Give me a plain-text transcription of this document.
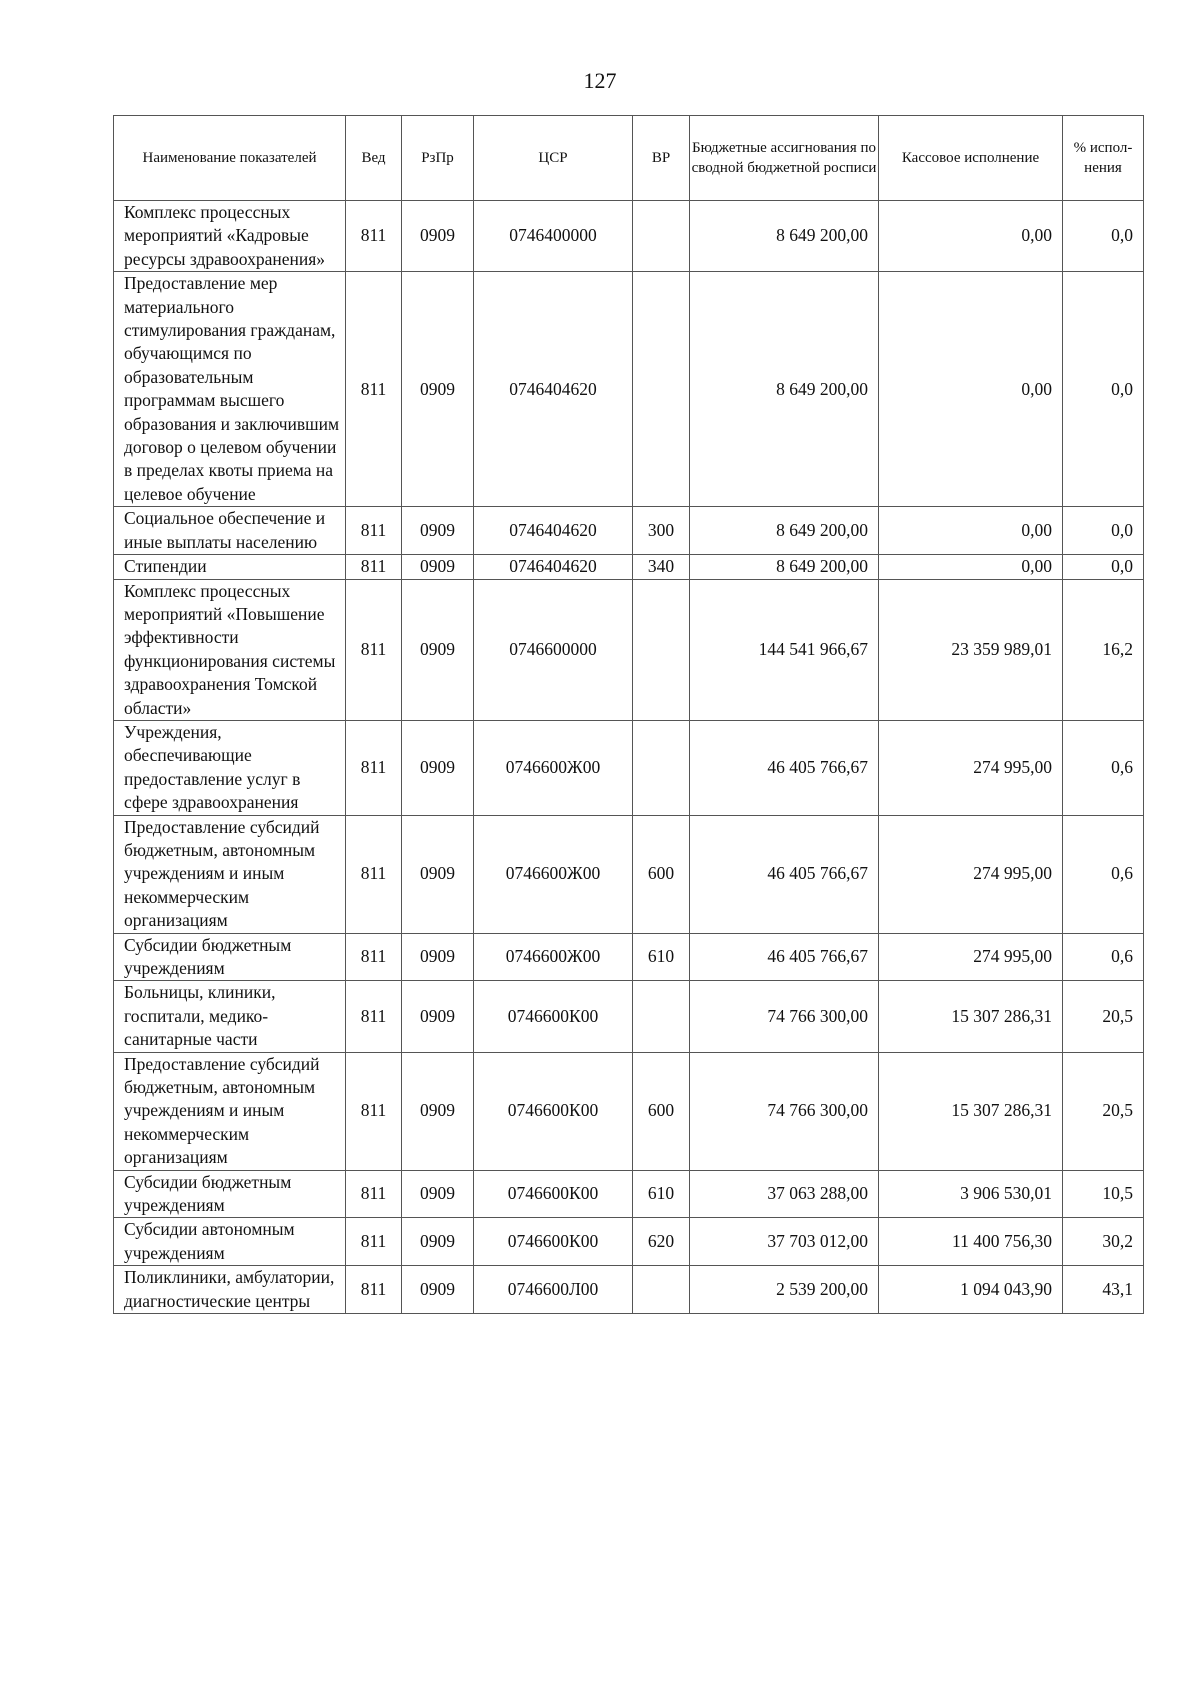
127
Наименование показателей	Вед	РзПр	ЦСР	ВР	Бюджетные ассигнования по сводной бюджетной росписи	Кассовое исполнение	% испол-нения
Комплекс процессных мероприятий «Кадровые ресурсы здравоохранения»	811	0909	0746400000		8 649 200,00	0,00	0,0
Предоставление мер материального стимулирования гражданам, обучающимся по образовательным программам высшего образования и заключившим договор о целевом обучении в пределах квоты приема на целевое обучение	811	0909	0746404620		8 649 200,00	0,00	0,0
Социальное обеспечение и иные выплаты населению	811	0909	0746404620	300	8 649 200,00	0,00	0,0
Стипендии	811	0909	0746404620	340	8 649 200,00	0,00	0,0
Комплекс процессных мероприятий «Повышение эффективности функционирования системы здравоохранения Томской области»	811	0909	0746600000		144 541 966,67	23 359 989,01	16,2
Учреждения, обеспечивающие предоставление услуг в сфере здравоохранения	811	0909	0746600Ж00		46 405 766,67	274 995,00	0,6
Предоставление субсидий бюджетным, автономным учреждениям и иным некоммерческим организациям	811	0909	0746600Ж00	600	46 405 766,67	274 995,00	0,6
Субсидии бюджетным учреждениям	811	0909	0746600Ж00	610	46 405 766,67	274 995,00	0,6
Больницы, клиники, госпитали, медико-санитарные части	811	0909	0746600К00		74 766 300,00	15 307 286,31	20,5
Предоставление субсидий бюджетным, автономным учреждениям и иным некоммерческим организациям	811	0909	0746600К00	600	74 766 300,00	15 307 286,31	20,5
Субсидии бюджетным учреждениям	811	0909	0746600К00	610	37 063 288,00	3 906 530,01	10,5
Субсидии автономным учреждениям	811	0909	0746600К00	620	37 703 012,00	11 400 756,30	30,2
Поликлиники, амбулатории, диагностические центры	811	0909	0746600Л00		2 539 200,00	1 094 043,90	43,1
